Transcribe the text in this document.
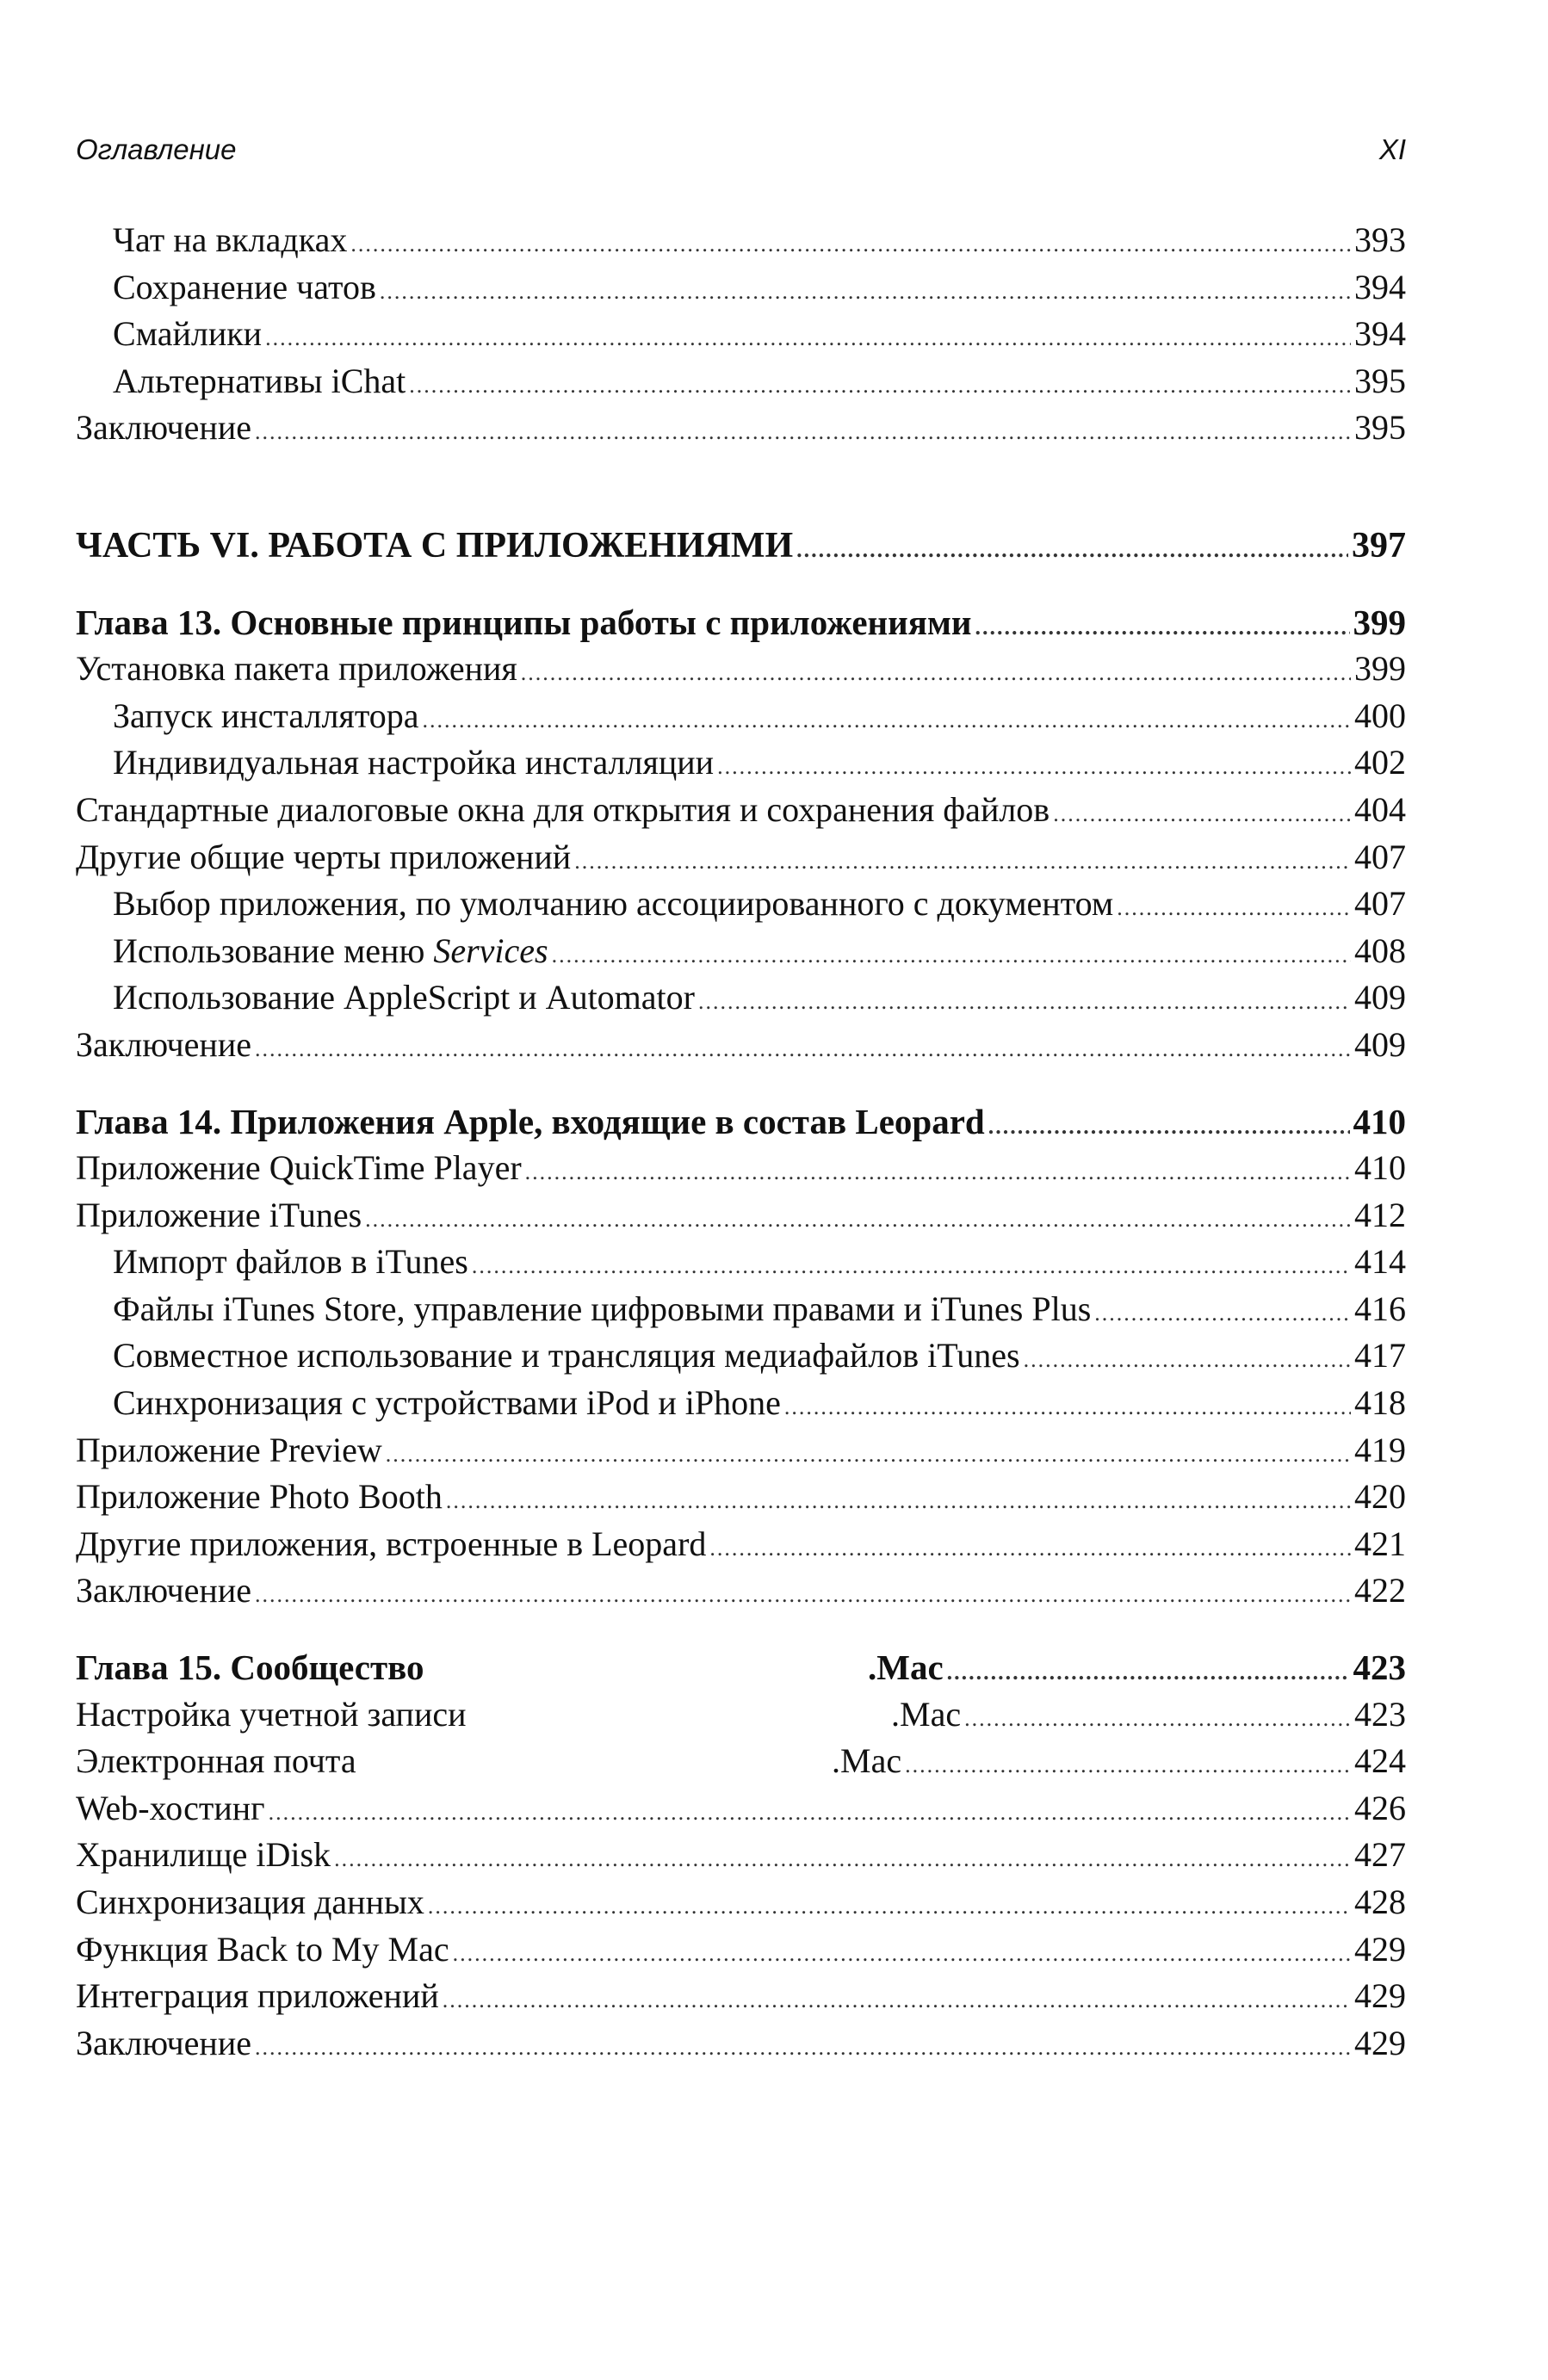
Оглавление	XI
Чат на вкладках .....	393
Сохранение чатов .....	394
Смайлики .....	394
Альтернативы iChat .....	395
Заключение .....	395
ЧАСТЬ VI. РАБОТА С ПРИЛОЖЕНИЯМИ .....	397
Глава 13. Основные принципы работы с приложениями .....	399
Установка пакета приложения .....	399
Запуск инсталлятора .....	400
Индивидуальная настройка инсталляции .....	402
Стандартные диалоговые окна для открытия и сохранения файлов .....	404
Другие общие черты приложений .....	407
Выбор приложения, по умолчанию ассоциированного с документом .....	407
Использование меню Services .....	408
Использование AppleScript и Automator .....	409
Заключение .....	409
Глава 14. Приложения Apple, входящие в состав Leopard .....	410
Приложение QuickTime Player .....	410
Приложение iTunes .....	412
Импорт файлов в iTunes .....	414
Файлы iTunes Store, управление цифровыми правами и iTunes Plus .....	416
Совместное использование и трансляция медиафайлов iTunes .....	417
Синхронизация с устройствами iPod и iPhone .....	418
Приложение Preview .....	419
Приложение Photo Booth .....	420
Другие приложения, встроенные в Leopard .....	421
Заключение .....	422
Глава 15. Сообщество	.Mac .....	423
Настройка учетной записи	.Mac .....	423
Электронная почта	.Mac .....	424
Web-хостинг .....	426
Хранилище iDisk .....	427
Синхронизация данных .....	428
Функция Back to My Mac .....	429
Интеграция приложений .....	429
Заключение .....	429
